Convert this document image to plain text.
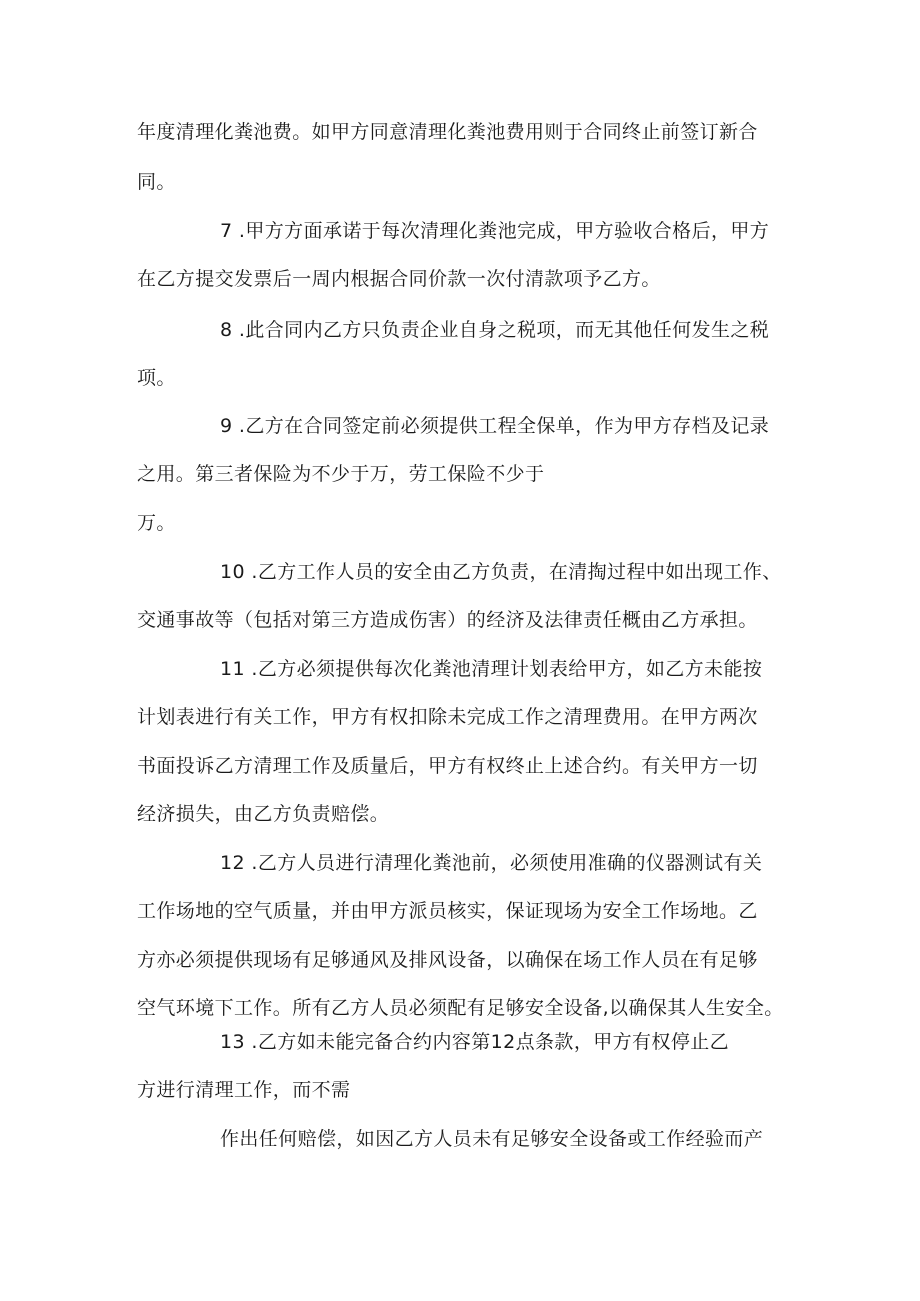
年度清理化粪池费。如甲方同意清理化粪池费用则于合同终止前签订新合
同。
7 .甲方方面承诺于每次清理化粪池完成，甲方验收合格后，甲方
在乙方提交发票后一周内根据合同价款一次付清款项予乙方。
8 .此合同内乙方只负责企业自身之税项，而无其他任何发生之税
项。
9 .乙方在合同签定前必须提供工程全保单，作为甲方存档及记录
之用。第三者保险为不少于万，劳工保险不少于
万。
10 .乙方工作人员的安全由乙方负责，在清掏过程中如出现工作、
交通事故等（包括对第三方造成伤害）的经济及法律责任概由乙方承担。
11 .乙方必须提供每次化粪池清理计划表给甲方，如乙方未能按
计划表进行有关工作，甲方有权扣除未完成工作之清理费用。在甲方两次
书面投诉乙方清理工作及质量后，甲方有权终止上述合约。有关甲方一切
经济损失，由乙方负责赔偿。
12 .乙方人员进行清理化粪池前，必须使用准确的仪器测试有关
工作场地的空气质量，并由甲方派员核实，保证现场为安全工作场地。乙
方亦必须提供现场有足够通风及排风设备，以确保在场工作人员在有足够
空气环境下工作。所有乙方人员必须配有足够安全设备,以确保其人生安全。
13 .乙方如未能完备合约内容第12点条款，甲方有权停止乙
方进行清理工作，而不需
作出任何赔偿，如因乙方人员未有足够安全设备或工作经验而产
